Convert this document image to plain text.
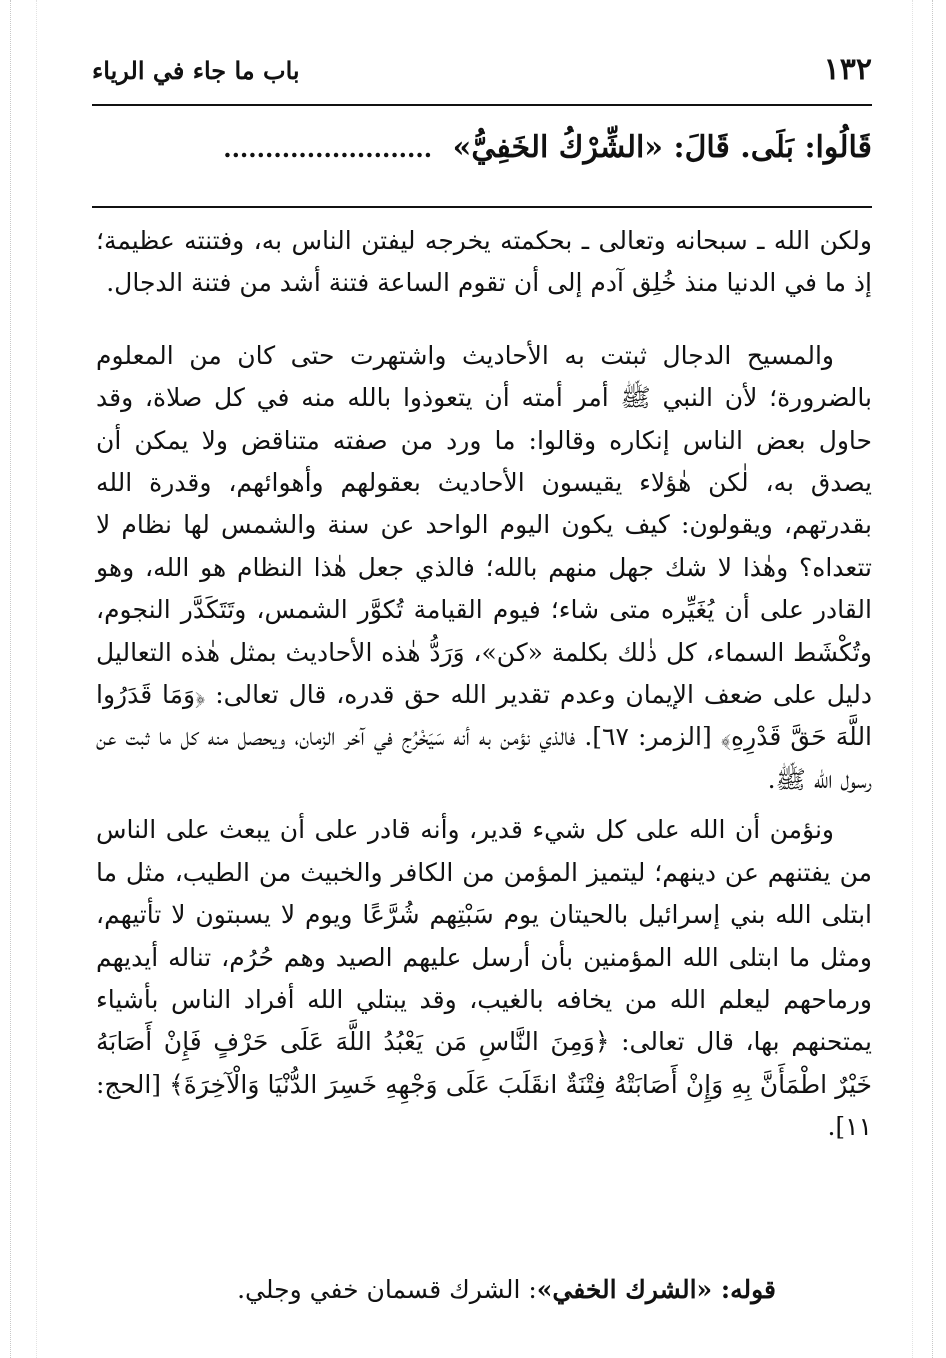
١٣٢
باب ما جاء في الرياء
قَالُوا: بَلَى. قَالَ: «الشِّرْكُ الخَفِيُّ» .........................

ولكن الله ـ سبحانه وتعالى ـ بحكمته يخرجه ليفتن الناس به، وفتنته عظيمة؛ إذ ما في الدنيا منذ خُلِق آدم إلى أن تقوم الساعة فتنة أشد من فتنة الدجال.

والمسيح الدجال ثبتت به الأحاديث واشتهرت حتى كان من المعلوم بالضرورة؛ لأن النبي ﷺ أمر أمته أن يتعوذوا بالله منه في كل صلاة، وقد حاول بعض الناس إنكاره وقالوا: ما ورد من صفته متناقض ولا يمكن أن يصدق به، لٰكن هٰؤلاء يقيسون الأحاديث بعقولهم وأهوائهم، وقدرة الله بقدرتهم، ويقولون: كيف يكون اليوم الواحد عن سنة والشمس لها نظام لا تتعداه؟ وهٰذا لا شك جهل منهم بالله؛ فالذي جعل هٰذا النظام هو الله، وهو القادر على أن يُغَيِّره متى شاء؛ فيوم القيامة تُكوَّر الشمس، وتَتَكَدَّر النجوم، وتُكْشَط السماء، كل ذٰلك بكلمة «كن»، وَرَدُّ هٰذه الأحاديث بمثل هٰذه التعاليل دليل على ضعف الإيمان وعدم تقدير الله حق قدره، قال تعالى: ﴿وَمَا قَدَرُوا اللَّهَ حَقَّ قَدْرِهِ﴾ [الزمر: ٦٧]. فالذي نؤمن به أنه سَيَخْرُج في آخر الزمان، ويحصل منه كل ما ثبت عن رسول الله ﷺ.

ونؤمن أن الله على كل شيء قدير، وأنه قادر على أن يبعث على الناس من يفتنهم عن دينهم؛ ليتميز المؤمن من الكافر والخبيث من الطيب، مثل ما ابتلى الله بني إسرائيل بالحيتان يوم سَبْتِهم شُرَّعًا ويوم لا يسبتون لا تأتيهم، ومثل ما ابتلى الله المؤمنين بأن أرسل عليهم الصيد وهم حُرُم، تناله أيديهم ورماحهم ليعلم الله من يخافه بالغيب، وقد يبتلي الله أفراد الناس بأشياء يمتحنهم بها، قال تعالى: ﴿وَمِنَ النَّاسِ مَن يَعْبُدُ اللَّهَ عَلَى حَرْفٍ فَإِنْ أَصَابَهُ خَيْرٌ اطْمَأَنَّ بِهِ وَإِنْ أَصَابَتْهُ فِتْنَةٌ انقَلَبَ عَلَى وَجْهِهِ خَسِرَ الدُّنْيَا وَالْآخِرَةَ﴾ [الحج: ١١].

قوله: «الشرك الخفي»: الشرك قسمان خفي وجلي.
